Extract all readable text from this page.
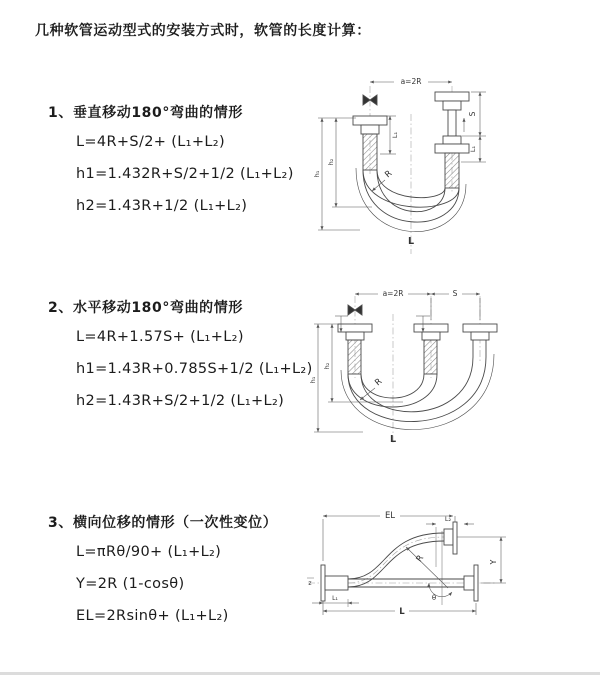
几种软管运动型式的安装方式时，软管的长度计算：
1、垂直移动180°弯曲的情形
L=4R+S/2+ (L₁+L₂)
h1=1.432R+S/2+1/2 (L₁+L₂)
h2=1.43R+1/2 (L₁+L₂)
2、水平移动180°弯曲的情形
L=4R+1.57S+ (L₁+L₂)
h1=1.43R+0.785S+1/2 (L₁+L₂)
h2=1.43R+S/2+1/2 (L₁+L₂)
3、横向位移的情形（一次性变位）
L=πRθ/90+ (L₁+L₂)
Y=2R (1-cosθ)
EL=2Rsinθ+ (L₁+L₂)
a=2R
S
L₁
L₁
h₁
h₂
R
L
a=2R	S
h₁
h₂
R
L
EL	L₂
Y
R
θ
L₁
L
z
